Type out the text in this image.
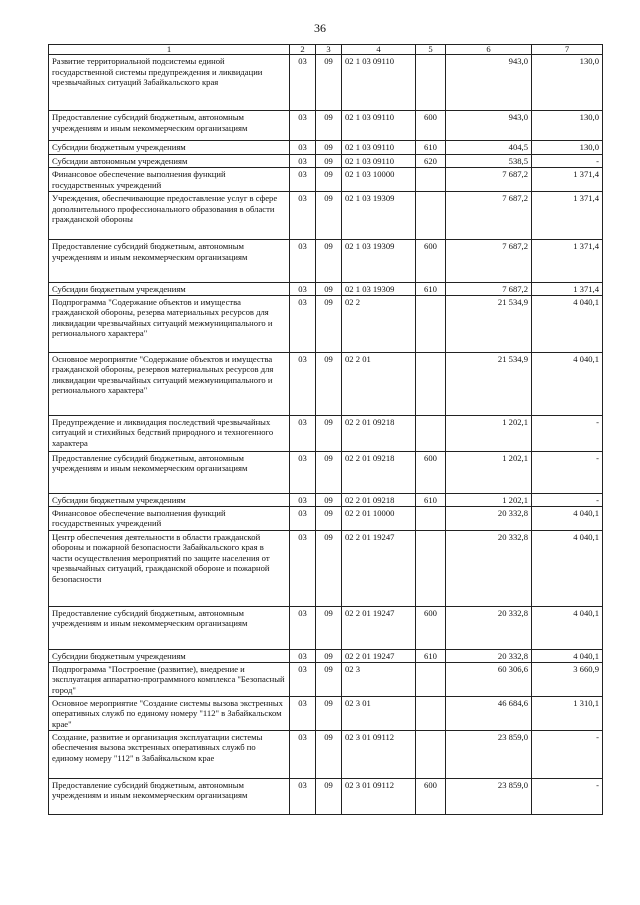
36
1	2	3	4	5	6	7
Развитие территориальной подсистемы единой государственной системы предупреждения и ликвидации чрезвычайных ситуаций Забайкальского края	03	09	02 1 03 09110		943,0	130,0
Предоставление субсидий бюджетным, автономным учреждениям и иным некоммерческим организациям	03	09	02 1 03 09110	600	943,0	130,0
Субсидии бюджетным учреждениям	03	09	02 1 03 09110	610	404,5	130,0
Субсидии автономным учреждениям	03	09	02 1 03 09110	620	538,5	-
Финансовое обеспечение выполнения функций государственных учреждений	03	09	02 1 03 10000		7 687,2	1 371,4
Учреждения, обеспечивающие предоставление услуг в сфере дополнительного профессионального образования в области гражданской обороны	03	09	02 1 03 19309		7 687,2	1 371,4
Предоставление субсидий бюджетным, автономным учреждениям и иным некоммерческим организациям	03	09	02 1 03 19309	600	7 687,2	1 371,4
Субсидии бюджетным учреждениям	03	09	02 1 03 19309	610	7 687,2	1 371,4
Подпрограмма "Содержание объектов и имущества гражданской обороны, резерва материальных ресурсов для ликвидации чрезвычайных ситуаций межмуниципального и регионального характера"	03	09	02 2		21 534,9	4 040,1
Основное мероприятие "Содержание объектов и имущества гражданской обороны, резервов материальных ресурсов для ликвидации чрезвычайных ситуаций межмуниципального и регионального характера"	03	09	02 2 01		21 534,9	4 040,1
Предупреждение и ликвидация последствий чрезвычайных ситуаций и стихийных бедствий природного и техногенного характера	03	09	02 2 01 09218		1 202,1	-
Предоставление субсидий бюджетным, автономным учреждениям и иным некоммерческим организациям	03	09	02 2 01 09218	600	1 202,1	-
Субсидии бюджетным учреждениям	03	09	02 2 01 09218	610	1 202,1	-
Финансовое обеспечение выполнения функций государственных учреждений	03	09	02 2 01 10000		20 332,8	4 040,1
Центр обеспечения деятельности в области гражданской обороны и пожарной безопасности Забайкальского края в части осуществления мероприятий по защите населения от чрезвычайных ситуаций, гражданской обороне и пожарной безопасности	03	09	02 2 01 19247		20 332,8	4 040,1
Предоставление субсидий бюджетным, автономным учреждениям и иным некоммерческим организациям	03	09	02 2 01 19247	600	20 332,8	4 040,1
Субсидии бюджетным учреждениям	03	09	02 2 01 19247	610	20 332,8	4 040,1
Подпрограмма "Построение (развитие), внедрение и эксплуатация аппаратно-программного комплекса "Безопасный город"	03	09	02 3		60 306,6	3 660,9
Основное мероприятие "Создание системы вызова экстренных оперативных служб по единому номеру "112" в Забайкальском крае"	03	09	02 3 01		46 684,6	1 310,1
Создание, развитие и организация эксплуатации системы обеспечения вызова экстренных оперативных служб по единому номеру "112" в Забайкальском крае	03	09	02 3 01 09112		23 859,0	-
Предоставление субсидий бюджетным, автономным учреждениям и иным некоммерческим организациям	03	09	02 3 01 09112	600	23 859,0	-
